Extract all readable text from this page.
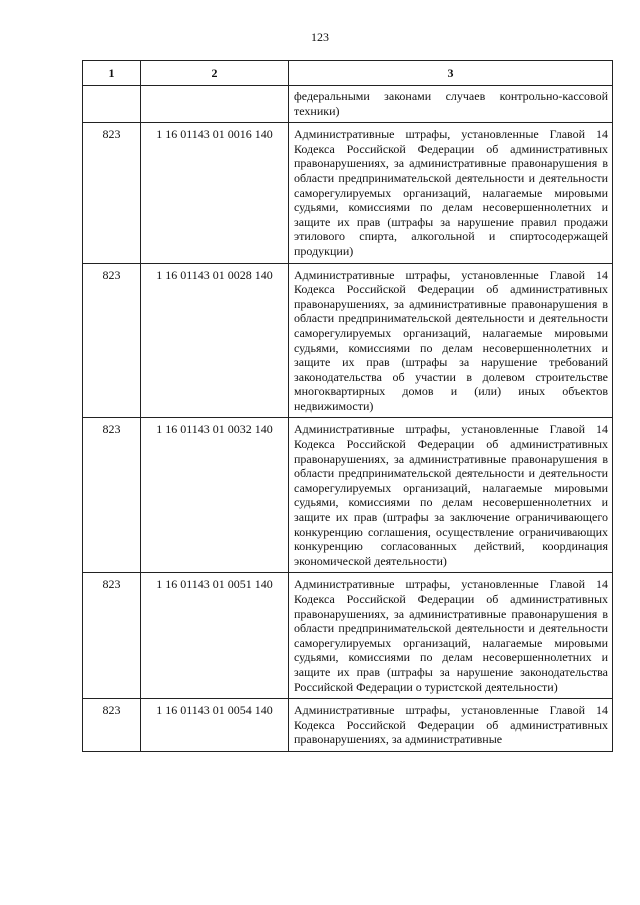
123
1	2	3
		федеральными законами случаев контрольно-кассовой техники)
823	1 16 01143 01 0016 140	Административные штрафы, установленные Главой 14 Кодекса Российской Федерации об административных правонарушениях, за административные правонарушения в области предпринимательской деятельности и деятельности саморегулируемых организаций, налагаемые мировыми судьями, комиссиями по делам несовершеннолетних и защите их прав (штрафы за нарушение правил продажи этилового спирта, алкогольной и спиртосодержащей продукции)
823	1 16 01143 01 0028 140	Административные штрафы, установленные Главой 14 Кодекса Российской Федерации об административных правонарушениях, за административные правонарушения в области предпринимательской деятельности и деятельности саморегулируемых организаций, налагаемые мировыми судьями, комиссиями по делам несовершеннолетних и защите их прав (штрафы за нарушение требований законодательства об участии в долевом строительстве многоквартирных домов и (или) иных объектов недвижимости)
823	1 16 01143 01 0032 140	Административные штрафы, установленные Главой 14 Кодекса Российской Федерации об административных правонарушениях, за административные правонарушения в области предпринимательской деятельности и деятельности саморегулируемых организаций, налагаемые мировыми судьями, комиссиями по делам несовершеннолетних и защите их прав (штрафы за заключение ограничивающего конкуренцию соглашения, осуществление ограничивающих конкуренцию согласованных действий, координация экономической деятельности)
823	1 16 01143 01 0051 140	Административные штрафы, установленные Главой 14 Кодекса Российской Федерации об административных правонарушениях, за административные правонарушения в области предпринимательской деятельности и деятельности саморегулируемых организаций, налагаемые мировыми судьями, комиссиями по делам несовершеннолетних и защите их прав (штрафы за нарушение законодательства Российской Федерации о туристской деятельности)
823	1 16 01143 01 0054 140	Административные штрафы, установленные Главой 14 Кодекса Российской Федерации об административных правонарушениях, за административные
